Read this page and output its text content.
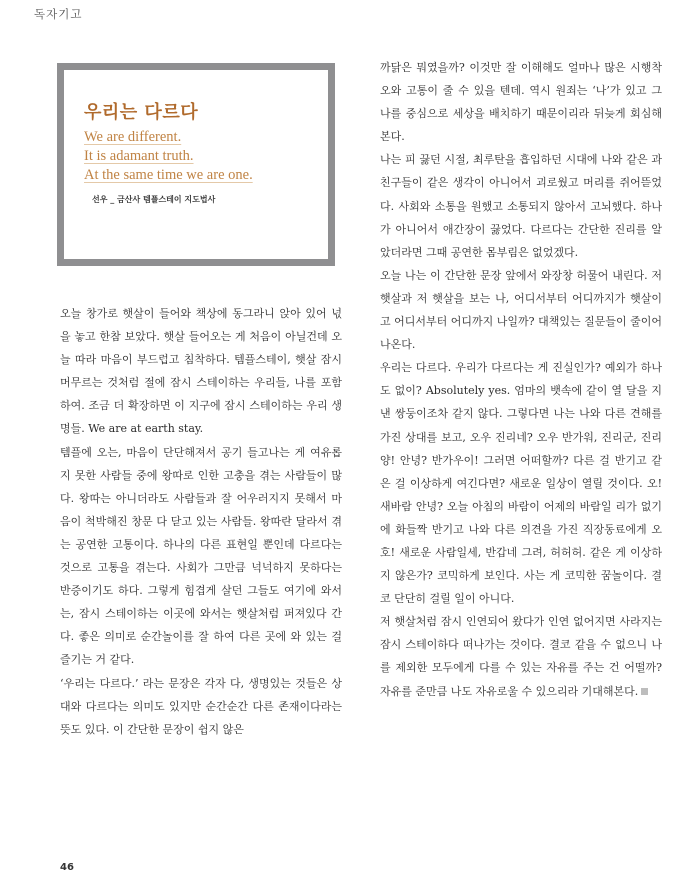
독자기고
우리는 다르다
We are different.
It is adamant truth.
At the same time we are one.
선우 _ 금산사 템플스테이 지도법사

오늘 창가로 햇살이 들어와 책상에 동그라니 앉아 있어 넋을 놓고 한참 보았다. 햇살 들어오는 게 처음이 아닐건데 오늘 따라 마음이 부드럽고 침착하다. 템플스테이, 햇살 잠시 머무르는 것처럼 절에 잠시 스테이하는 우리들, 나를 포함하여. 조금 더 확장하면 이 지구에 잠시 스테이하는 우리 생명들. We are at earth stay.

템플에 오는, 마음이 단단해져서 공기 들고나는 게 여유롭지 못한 사람들 중에 왕따로 인한 고충을 겪는 사람들이 많다. 왕따는 아니더라도 사람들과 잘 어우러지지 못해서 마음이 척박해진 창문 다 닫고 있는 사람들. 왕따란 달라서 겪는 공연한 고통이다. 하나의 다른 표현일 뿐인데 다르다는 것으로 고통을 겪는다. 사회가 그만큼 넉넉하지 못하다는 반증이기도 하다. 그렇게 힘겹게 살던 그들도 여기에 와서는, 잠시 스테이하는 이곳에 와서는 햇살처럼 퍼져있다 간다. 좋은 의미로 순간놀이를 잘 하여 다른 곳에 와 있는 걸 즐기는 거 같다.

‘우리는 다르다.’ 라는 문장은 각자 다, 생명있는 것들은 상대와 다르다는 의미도 있지만 순간순간 다른 존재이다라는 뜻도 있다. 이 간단한 문장이 쉽지 않은

까닭은 뭐였을까? 이것만 잘 이해해도 얼마나 많은 시행착오와 고통이 줄 수 있을 텐데. 역시 원죄는 ‘나’가 있고 그 나를 중심으로 세상을 배치하기 때문이리라 뒤늦게 회심해본다.

나는 피 끓던 시절, 최루탄을 흡입하던 시대에 나와 같은 과 친구들이 같은 생각이 아니어서 괴로웠고 머리를 쥐어뜯었다. 사회와 소통을 원했고 소통되지 않아서 고뇌했다. 하나가 아니어서 애간장이 끓었다. 다르다는 간단한 진리를 알았더라면 그때 공연한 몸부림은 없었겠다.

오늘 나는 이 간단한 문장 앞에서 와장창 허물어 내린다. 저 햇살과 저 햇살을 보는 나, 어디서부터 어디까지가 햇살이고 어디서부터 어디까지 나일까? 대책있는 질문들이 줄이어 나온다.

우리는 다르다. 우리가 다르다는 게 진실인가? 예외가 하나도 없이? Absolutely yes. 엄마의 뱃속에 같이 열 달을 지낸 쌍둥이조차 같지 않다. 그렇다면 나는 나와 다른 견해를 가진 상대를 보고, 오우 진리네? 오우 반가워, 진리군, 진리양! 안녕? 반가우이! 그러면 어떠할까? 다른 걸 반기고 같은 걸 이상하게 여긴다면? 새로운 일상이 열릴 것이다. 오! 새바람 안녕? 오늘 아침의 바람이 어제의 바람일 리가 없기에 화들짝 반기고 나와 다른 의견을 가진 직장동료에게 오호! 새로운 사람일세, 반갑네 그려, 허허허. 같은 게 이상하지 않은가? 코믹하게 보인다. 사는 게 코믹한 꿈놀이다. 결코 단단히 걸릴 일이 아니다.

저 햇살처럼 잠시 인연되어 왔다가 인연 없어지면 사라지는 잠시 스테이하다 떠나가는 것이다. 결코 같을 수 없으니 나를 제외한 모두에게 다를 수 있는 자유를 주는 건 어떨까? 자유를 준만큼 나도 자유로울 수 있으리라 기대해본다.

46
